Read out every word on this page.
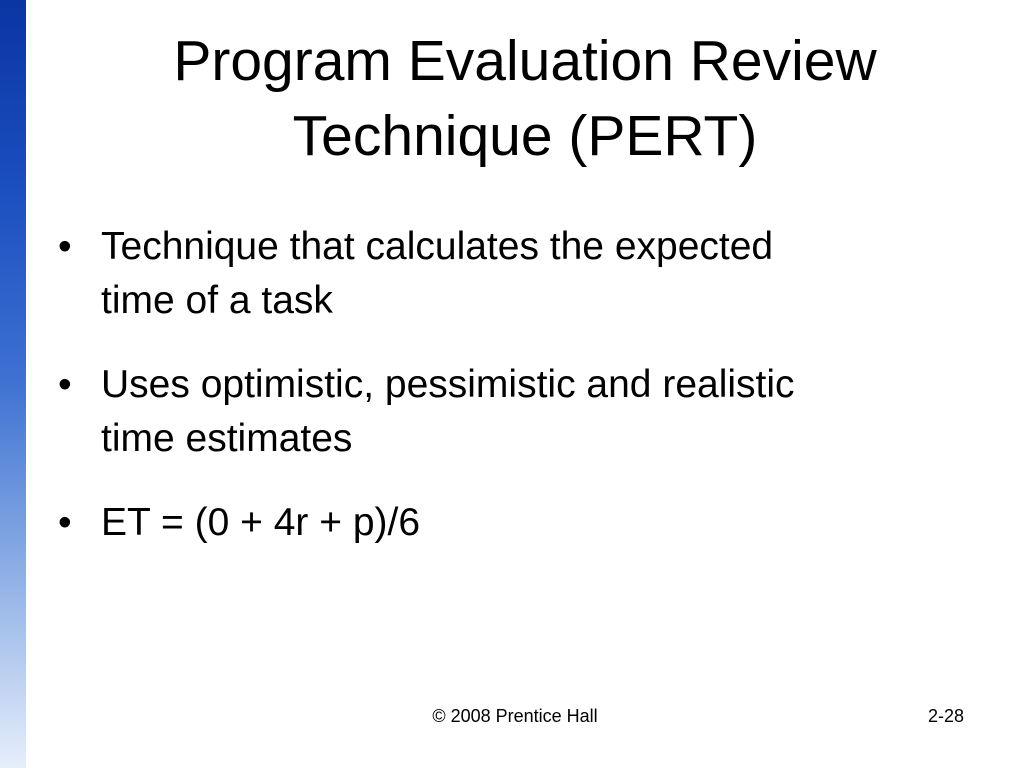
Program Evaluation Review
Technique (PERT)
• Technique that calculates the expected
time of a task
• Uses optimistic, pessimistic and realistic
time estimates
• ET = (0 + 4r + p)/6
© 2008 Prentice Hall	2-28
